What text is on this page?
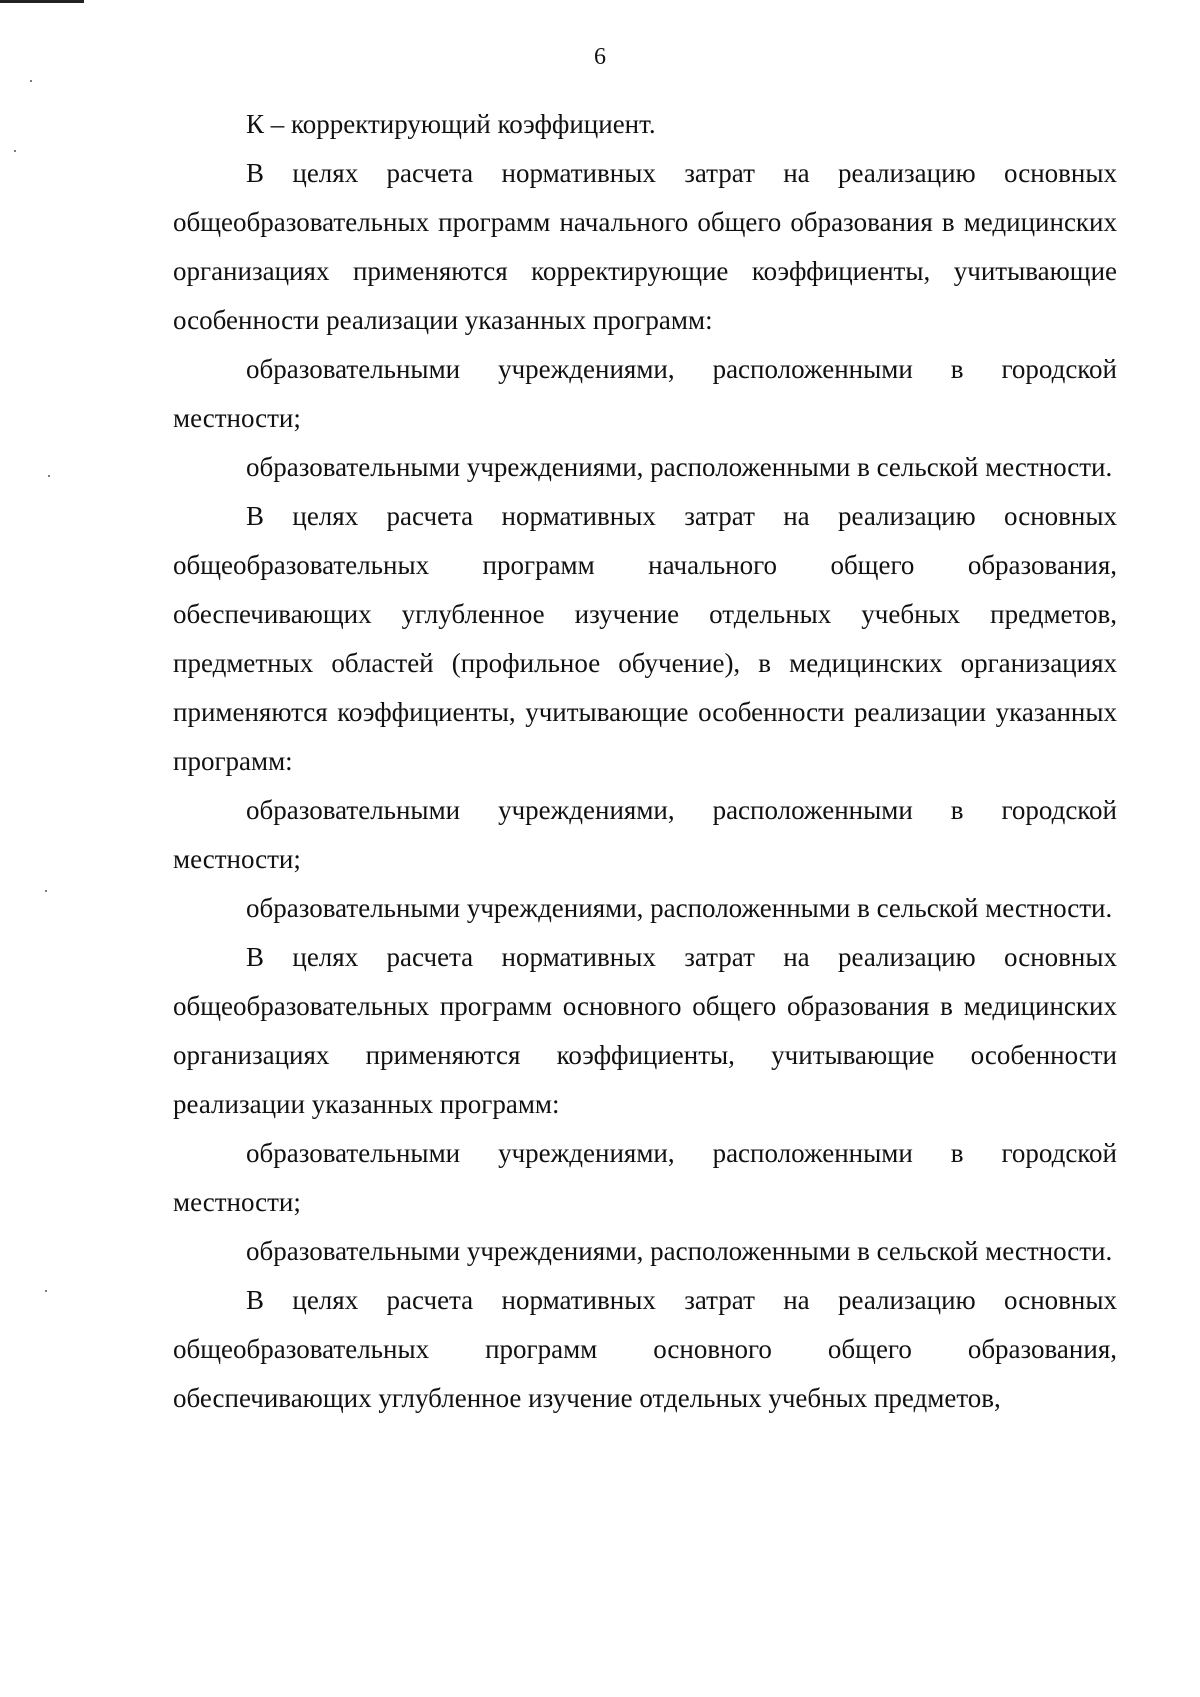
6

К – корректирующий коэффициент.

В целях расчета нормативных затрат на реализацию основных общеобразовательных программ начального общего образования в медицинских организациях применяются корректирующие коэффициенты, учитывающие особенности реализации указанных программ:

образовательными учреждениями, расположенными в городской местности;

образовательными учреждениями, расположенными в сельской местности.

В целях расчета нормативных затрат на реализацию основных общеобразовательных программ начального общего образования, обеспечивающих углубленное изучение отдельных учебных предметов, предметных областей (профильное обучение), в медицинских организациях применяются коэффициенты, учитывающие особенности реализации указанных программ:

образовательными учреждениями, расположенными в городской местности;

образовательными учреждениями, расположенными в сельской местности.

В целях расчета нормативных затрат на реализацию основных общеобразовательных программ основного общего образования в медицинских организациях применяются коэффициенты, учитывающие особенности реализации указанных программ:

образовательными учреждениями, расположенными в городской местности;

образовательными учреждениями, расположенными в сельской местности.

В целях расчета нормативных затрат на реализацию основных общеобразовательных программ основного общего образования, обеспечивающих углубленное изучение отдельных учебных предметов,
